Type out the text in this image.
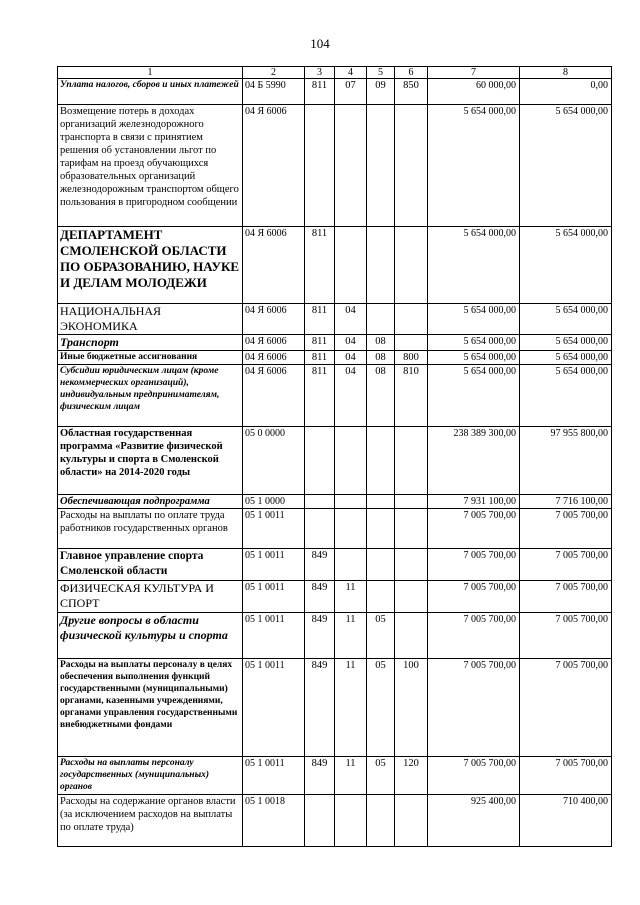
104
1	2	3	4	5	6	7	8
Уплата налогов, сборов и иных платежей	04 Б 5990	811	07	09	850	60 000,00	0,00
Возмещение потерь в доходах организаций железнодорожного транспорта в связи с принятием решения об установлении льгот по тарифам на проезд обучающихся образовательных организаций железнодорожным транспортом общего пользования в пригородном сообщении	04 Я 6006					5 654 000,00	5 654 000,00
ДЕПАРТАМЕНТ СМОЛЕНСКОЙ ОБЛАСТИ ПО ОБРАЗОВАНИЮ, НАУКЕ И ДЕЛАМ МОЛОДЕЖИ	04 Я 6006	811				5 654 000,00	5 654 000,00
НАЦИОНАЛЬНАЯ ЭКОНОМИКА	04 Я 6006	811	04			5 654 000,00	5 654 000,00
Транспорт	04 Я 6006	811	04	08		5 654 000,00	5 654 000,00
Иные бюджетные ассигнования	04 Я 6006	811	04	08	800	5 654 000,00	5 654 000,00
Субсидии юридическим лицам (кроме некоммерческих организаций), индивидуальным предпринимателям, физическим лицам	04 Я 6006	811	04	08	810	5 654 000,00	5 654 000,00
Областная государственная программа «Развитие физической культуры и спорта в Смоленской области» на 2014-2020 годы	05 0 0000					238 389 300,00	97 955 800,00
Обеспечивающая подпрограмма	05 1 0000					7 931 100,00	7 716 100,00
Расходы на выплаты по оплате труда работников государственных органов	05 1 0011					7 005 700,00	7 005 700,00
Главное управление спорта Смоленской области	05 1 0011	849				7 005 700,00	7 005 700,00
ФИЗИЧЕСКАЯ КУЛЬТУРА И СПОРТ	05 1 0011	849	11			7 005 700,00	7 005 700,00
Другие вопросы в области физической культуры и спорта	05 1 0011	849	11	05		7 005 700,00	7 005 700,00
Расходы на выплаты персоналу в целях обеспечения выполнения функций государственными (муниципальными) органами, казенными учреждениями, органами управления государственными внебюджетными фондами	05 1 0011	849	11	05	100	7 005 700,00	7 005 700,00
Расходы на выплаты персоналу государственных (муниципальных) органов	05 1 0011	849	11	05	120	7 005 700,00	7 005 700,00
Расходы на содержание органов власти (за исключением расходов на выплаты по оплате труда)	05 1 0018					925 400,00	710 400,00
